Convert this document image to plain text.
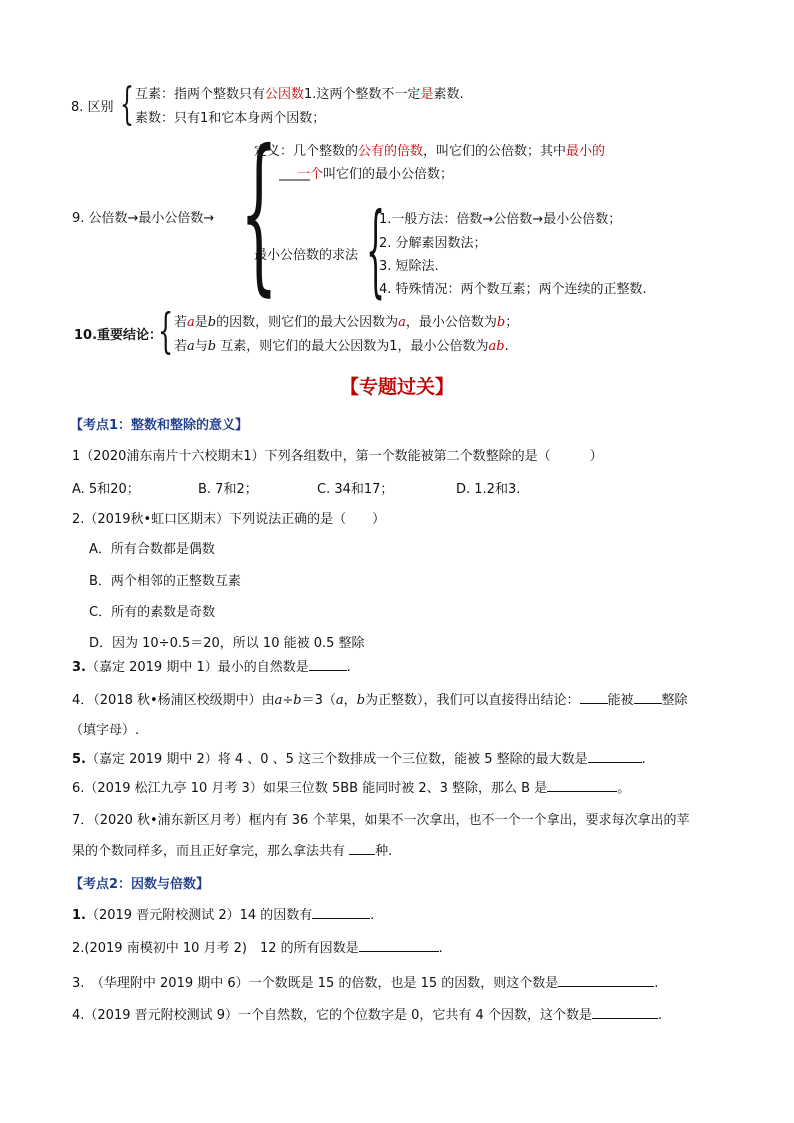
8. 区别 { 互素：指两个整数只有公因数1.这两个整数不一定是素数.
素数：只有1和它本身两个因数；
9. 公倍数→最小公倍数→ {
定义：几个整数的公有的倍数，叫它们的公倍数；其中最小的
一个叫它们的最小公倍数；
最小公倍数的求法 {
1.一般方法：倍数→公倍数→最小公倍数；
2. 分解素因数法；
3. 短除法.
4. 特殊情况：两个数互素；两个连续的正整数.
10.重要结论：
{ 若a是b的因数，则它们的最大公因数为a，最小公倍数为b；
若a与b 互素，则它们的最大公因数为1，最小公倍数为ab.
【专题过关】
【考点1：整数和整除的意义】
1（2020浦东南片十六校期末1）下列各组数中，第一个数能被第二个数整除的是（　　　）
A. 5和20；	B. 7和2；	C. 34和17；	D. 1.2和3.
2.（2019秋•虹口区期末）下列说法正确的是（　　）
A．所有合数都是偶数
B．两个相邻的正整数互素
C．所有的素数是奇数
D．因为 10÷0.5＝20，所以 10 能被 0.5 整除
3.（嘉定 2019 期中 1）最小的自然数是	.
4．（2018 秋•杨浦区校级期中）由a÷b＝3（a，b为正整数），我们可以直接得出结论： 能被 整除
（填字母）.
5.（嘉定 2019 期中 2）将 4 、0 、5 这三个数排成一个三位数，能被 5 整除的最大数是	.
6.（2019 松江九亭 10 月考 3）如果三位数 5BB 能同时被 2、3 整除，那么 B 是	。
7．（2020 秋•浦东新区月考）框内有 36 个苹果，如果不一次拿出，也不一个一个拿出，要求每次拿出的苹
果的个数同样多，而且正好拿完，那么拿法共有 种.
【考点2：因数与倍数】
1.（2019 晋元附校测试 2）14 的因数有	.
2.(2019 南模初中 10 月考 2)　12 的所有因数是	.
3.　（华理附中 2019 期中 6）一个数既是 15 的倍数，也是 15 的因数，则这个数是	.
4.（2019 晋元附校测试 9）一个自然数，它的个位数字是 0，它共有 4 个因数，这个数是	.
